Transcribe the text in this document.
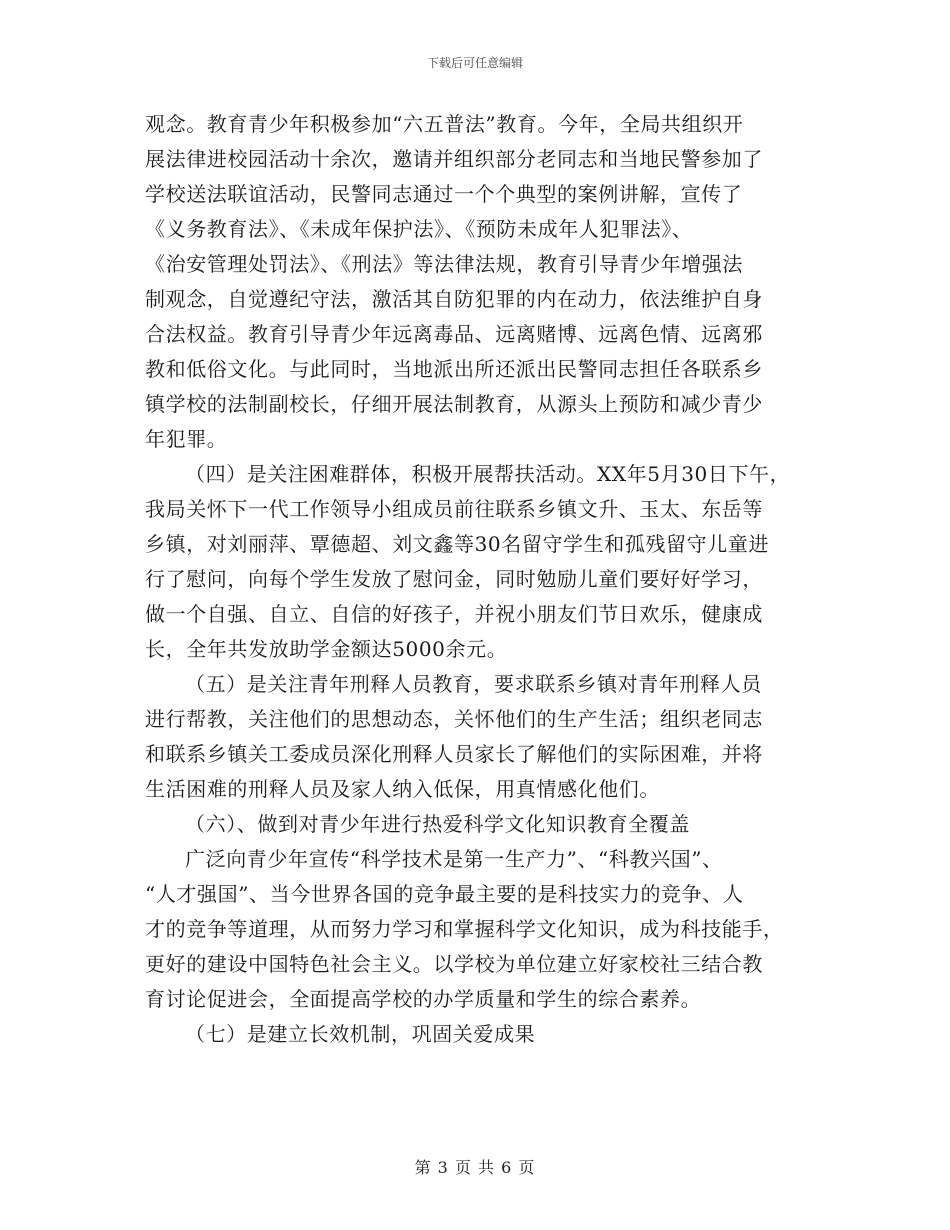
下载后可任意编辑
观念。教育青少年积极参加“六五普法”教育。今年，全局共组织开
展法律进校园活动十余次，邀请并组织部分老同志和当地民警参加了
学校送法联谊活动，民警同志通过一个个典型的案例讲解，宣传了
《义务教育法》、《未成年保护法》、《预防未成年人犯罪法》、
《治安管理处罚法》、《刑法》等法律法规，教育引导青少年增强法
制观念，自觉遵纪守法，激活其自防犯罪的内在动力，依法维护自身
合法权益。教育引导青少年远离毒品、远离赌博、远离色情、远离邪
教和低俗文化。与此同时，当地派出所还派出民警同志担任各联系乡
镇学校的法制副校长，仔细开展法制教育，从源头上预防和减少青少
年犯罪。
（四）是关注困难群体，积极开展帮扶活动。XX年5月30日下午，
我局关怀下一代工作领导小组成员前往联系乡镇文升、玉太、东岳等
乡镇，对刘丽萍、覃德超、刘文鑫等30名留守学生和孤残留守儿童进
行了慰问，向每个学生发放了慰问金，同时勉励儿童们要好好学习，
做一个自强、自立、自信的好孩子，并祝小朋友们节日欢乐，健康成
长，全年共发放助学金额达5000余元。
（五）是关注青年刑释人员教育，要求联系乡镇对青年刑释人员
进行帮教，关注他们的思想动态，关怀他们的生产生活；组织老同志
和联系乡镇关工委成员深化刑释人员家长了解他们的实际困难，并将
生活困难的刑释人员及家人纳入低保，用真情感化他们。
（六）、做到对青少年进行热爱科学文化知识教育全覆盖
广泛向青少年宣传“科学技术是第一生产力”、“科教兴国”、
“人才强国”、当今世界各国的竞争最主要的是科技实力的竞争、人
才的竞争等道理，从而努力学习和掌握科学文化知识，成为科技能手，
更好的建设中国特色社会主义。以学校为单位建立好家校社三结合教
育讨论促进会，全面提高学校的办学质量和学生的综合素养。
（七）是建立长效机制，巩固关爱成果
第 3 页 共 6 页
